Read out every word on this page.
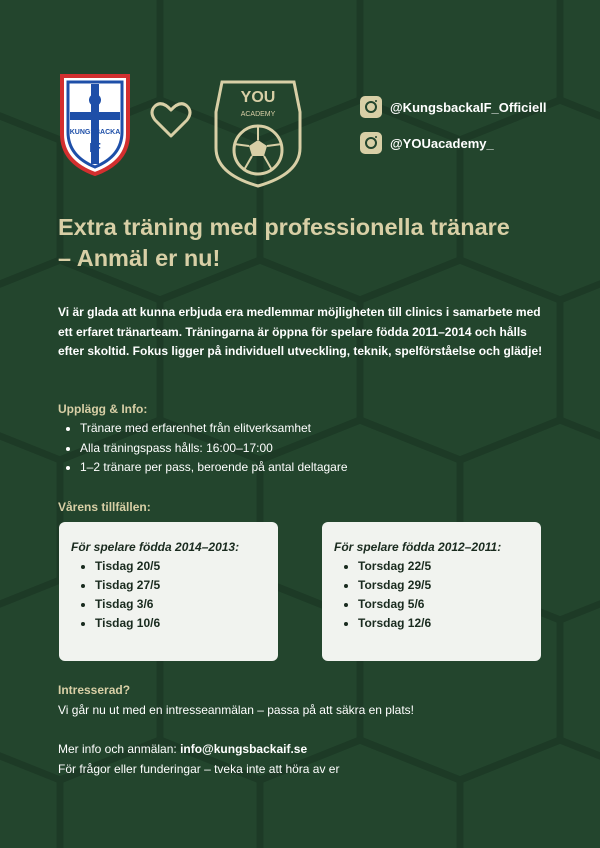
KUNGSBACKA
IF
YOU
ACADEMY	@KungsbackaIF_Officiell
@YOUacademy_
Extra träning med professionella tränare – Anmäl er nu!

Vi är glada att kunna erbjuda era medlemmar möjligheten till clinics i samarbete med ett erfaret tränarteam. Träningarna är öppna för spelare födda 2011–2014 och hålls efter skoltid. Fokus ligger på individuell utveckling, teknik, spelförståelse och glädje!

Upplägg & Info:

• Tränare med erfarenhet från elitverksamhet
• Alla träningspass hålls: 16:00–17:00
• 1–2 tränare per pass, beroende på antal deltagare

Vårens tillfällen:

För spelare födda 2014–2013:

• Tisdag 20/5
• Tisdag 27/5
• Tisdag 3/6
• Tisdag 10/6

För spelare födda 2012–2011:

• Torsdag 22/5
• Torsdag 29/5
• Torsdag 5/6
• Torsdag 12/6

Intresserad?

Vi går nu ut med en intresseanmälan – passa på att säkra en plats!

Mer info och anmälan: info@kungsbackaif.se

För frågor eller funderingar – tveka inte att höra av er
